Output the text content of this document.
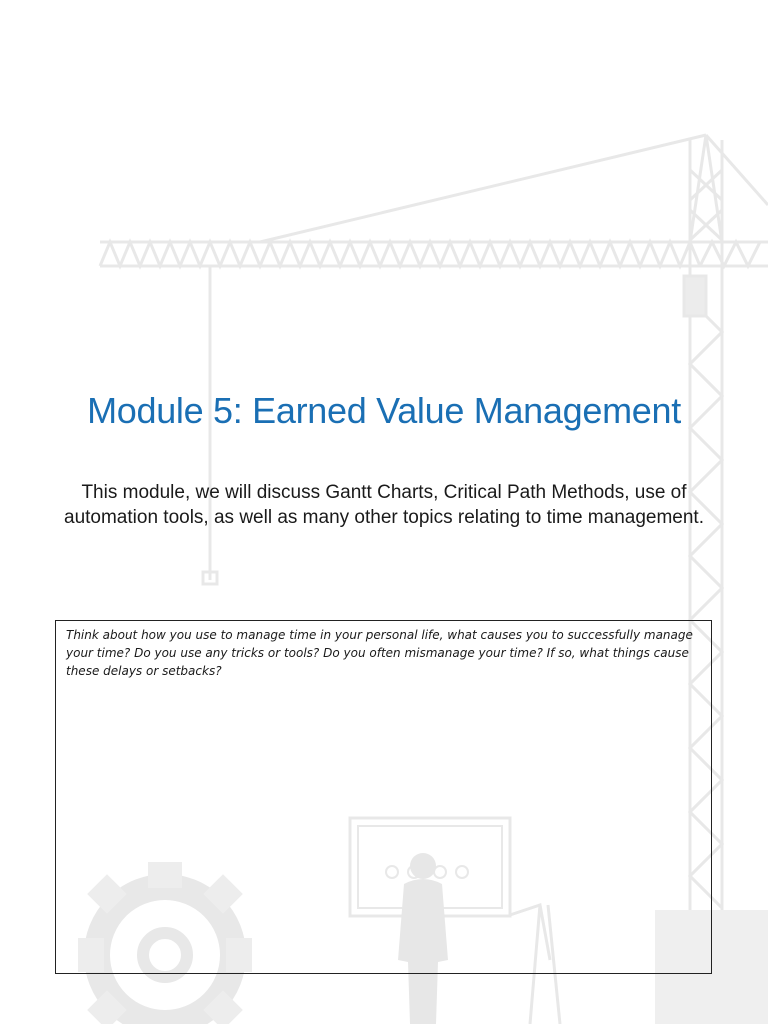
Module 5: Earned Value Management

This module, we will discuss Gantt Charts, Critical Path Methods, use of automation tools, as well as many other topics relating to time management.

Think about how you use to manage time in your personal life, what causes you to successfully manage your time? Do you use any tricks or tools? Do you often mismanage your time? If so, what things cause these delays or setbacks?
